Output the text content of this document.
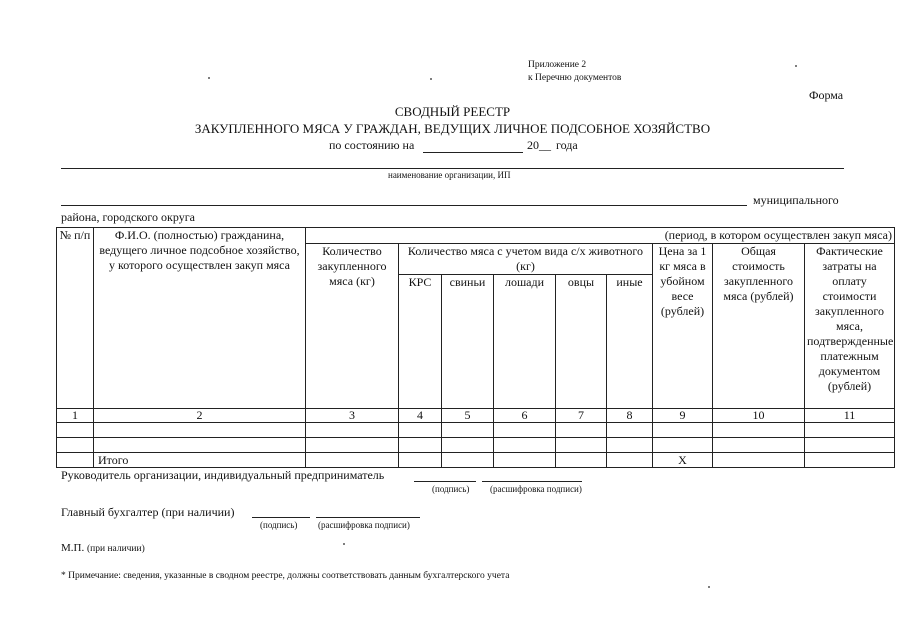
Приложение 2
к Перечню документов
Форма
СВОДНЫЙ РЕЕСТР
ЗАКУПЛЕННОГО МЯСА У ГРАЖДАН, ВЕДУЩИХ ЛИЧНОЕ ПОДСОБНОЕ ХОЗЯЙСТВО
по состоянию на	20__ года
наименование организации, ИП
муниципального
района, городского округа
№ п/п	Ф.И.О. (полностью) гражданина, ведущего личное подсобное хозяйство, у которого осуществлен закуп мяса	(период, в котором осуществлен закуп мяса)								
		Количество закупленного мяса (кг)	Количество мяса с учетом вида с/х животного (кг)					Цена за 1 кг мяса в убойном весе (рублей)	Общая стоимость закупленного мяса (рублей)	Фактические затраты на оплату стоимости закупленного мяса, подтвержденные платежным документом (рублей)
			КРС	свиньи	лошади	овцы	иные			
1	2	3	4	5	6	7	8	9	10	11

	Итого							Х		
Руководитель организации, индивидуальный предприниматель
(подпись) (расшифровка подписи)
Главный бухгалтер (при наличии)
(подпись) (расшифровка подписи)
М.П. (при наличии)
* Примечание: сведения, указанные в сводном реестре, должны соответствовать данным бухгалтерского учета
